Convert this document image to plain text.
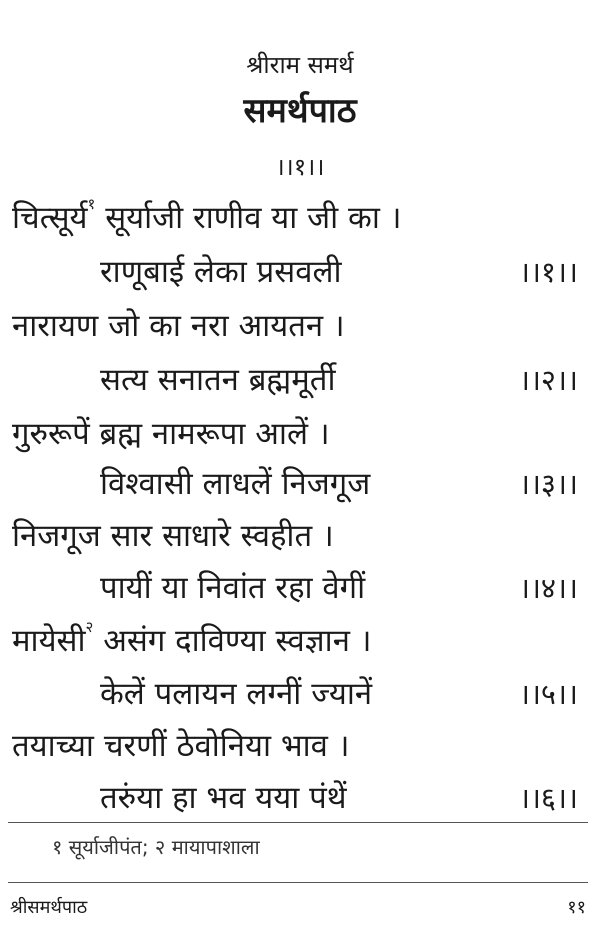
श्रीराम समर्थ
समर्थपाठ
।।१।।
चित्सूर्य$^१$ सूर्याजी राणीव या जी का ।
राणूबाई लेका प्रसवली	।।१।।
नारायण जो का नरा आयतन ।
सत्य सनातन ब्रह्ममूर्ती	।।२।।
गुरुरूपें ब्रह्म नामरूपा आलें ।
विश्वासी लाधलें निजगूज	।।३।।
निजगूज सार साधारे स्वहीत ।
पायीं या निवांत रहा वेगीं	।।४।।
मायेसी$^२$ असंग दाविण्या स्वज्ञान ।
केलें पलायन लग्नीं ज्यानें	।।५।।
तयाच्या चरणीं ठेवोनिया भाव ।
तरुंया हा भव यया पंथें	।।६।।
१ सूर्याजीपंत; २ मायापाशाला
श्रीसमर्थपाठ	११
